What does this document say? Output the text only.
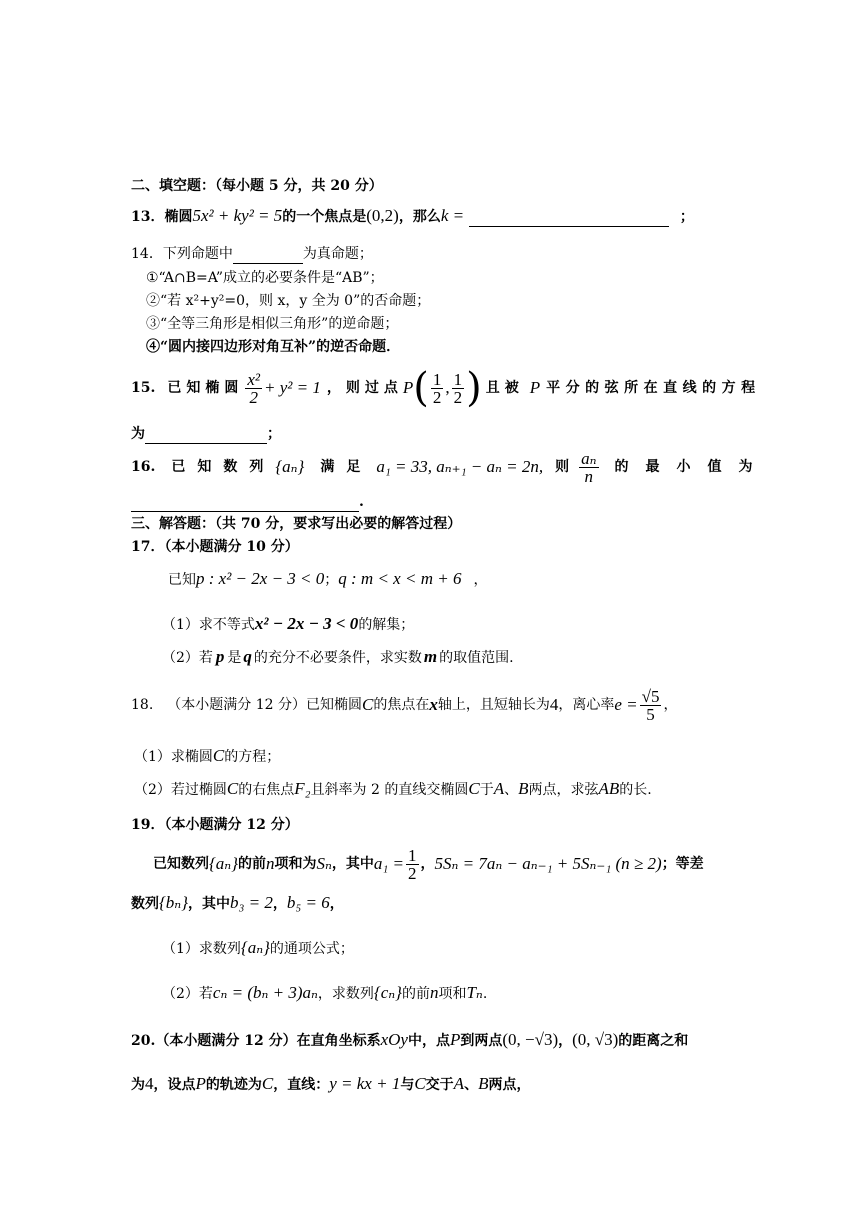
二、填空题：（每小题 5 分，共 20 分）
13．椭圆5x² + ky² = 5的一个焦点是(0,2)，那么k =	；
14．下列命题中	为真命题；
①“A∩B=A”成立的必要条件是“AB”；
②“若 x²+y²=0，则 x，y 全为 0”的否命题；
③“全等三角形是相似三角形”的逆命题；
④“圆内接四边形对角互补”的逆否命题．
15. 已知椭圆 $\frac{\text{x²}}{2} + y^2 = 1$ ，则过点 P ( $\frac{1}{2}$ , $\frac{1}{2}$ ) 且被 P 平分的弦所在直线的方程
为	；
16. 已知数列 {aₙ} 满足 a₁ = 33, aₙ₊₁ − aₙ = 2n, 则 $\frac{\text{aₙ}}{n}$ 的最小值为
.
三、解答题：（共 70 分，要求写出必要的解答过程）
17．（本小题满分 10 分）
已知p : x² − 2x − 3 < 0；q : m < x < m + 6 ，
（1）求不等式x² − 2x − 3 < 0的解集；
（2）若 p 是 q 的充分不必要条件，求实数 m 的取值范围.
18. （本小题满分 12 分）已知椭圆 C 的焦点在 x 轴上，且短轴长为 4 ，离心率 $e = \frac{√5}{5}$ ，
（1）求椭圆C的方程；
（2）若过椭圆C的右焦点F₂且斜率为 2 的直线交椭圆C于A、B两点，求弦AB的长.
19．（本小题满分 12 分）
已知数列 {aₙ} 的前 n 项和为 Sₙ ，其中 $a_1 = \frac{1}{2}$ ， 5Sₙ = 7aₙ − aₙ₋₁ + 5Sₙ₋₁ (n ≥ 2) ；等差
数列{bₙ}，其中b₃ = 2，b₅ = 6，
（1）求数列{aₙ}的通项公式；
（2）若cₙ = (bₙ + 3)aₙ，求数列{cₙ}的前n项和Tₙ.
20.（本小题满分 12 分）在直角坐标系xOy中，点P到两点(0, −√3)，(0, √3)的距离之和
为4，设点P的轨迹为C，直线：y = kx + 1与C交于A、B两点，
